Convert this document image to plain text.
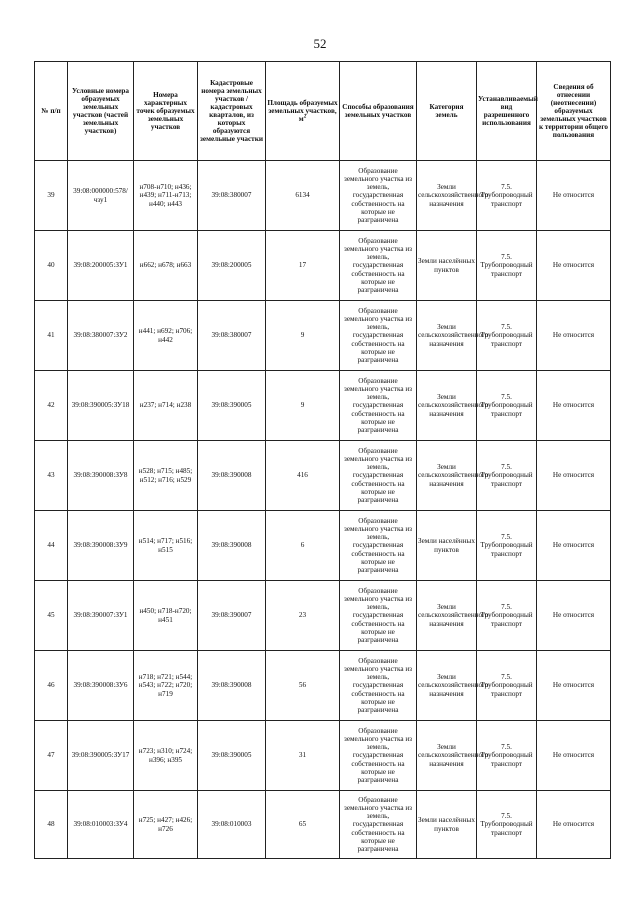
52
№ п/п	Условные номера образуемых земельных участков (частей земельных участков)	Номера характерных точек образуемых земельных участков	Кадастровые номера земельных участков / кадастровых кварталов, из которых образуются земельные участки	Площадь образуемых земельных участков, $м^2$	Способы образования земельных участков	Категория земель	Устанавливаемый вид разрешенного использования	Сведения об отнесении (неотнесении) образуемых земельных участков к территории общего пользования

39	39:08:000000:578/чзу1	н708-н710; н436; н439; н711-н713; н440; н443	39:08:380007	6134	Образование земельного участка из земель, государственная собственность на которые не разграничена	Земли сельскохозяйственного назначения	7.5. Трубопроводный транспорт	Не относится

40	39:08:200005:ЗУ1	н662; н678; н663	39:08:200005	17	Образование земельного участка из земель, государственная собственность на которые не разграничена	Земли населённых пунктов	7.5. Трубопроводный транспорт	Не относится

41	39:08:380007:ЗУ2	н441; н692; н706; н442	39:08:380007	9	Образование земельного участка из земель, государственная собственность на которые не разграничена	Земли сельскохозяйственного назначения	7.5. Трубопроводный транспорт	Не относится

42	39:08:390005:ЗУ18	н237; н714; н238	39:08:390005	9	Образование земельного участка из земель, государственная собственность на которые не разграничена	Земли сельскохозяйственного назначения	7.5. Трубопроводный транспорт	Не относится

43	39:08:390008:ЗУ8	н528; н715; н485; н512; н716; н529	39:08:390008	416	Образование земельного участка из земель, государственная собственность на которые не разграничена	Земли сельскохозяйственного назначения	7.5. Трубопроводный транспорт	Не относится

44	39:08:390008:ЗУ9	н514; н717; н516; н515	39:08:390008	6	Образование земельного участка из земель, государственная собственность на которые не разграничена	Земли населённых пунктов	7.5. Трубопроводный транспорт	Не относится

45	39:08:390007:ЗУ1	н450; н718-н720; н451	39:08:390007	23	Образование земельного участка из земель, государственная собственность на которые не разграничена	Земли сельскохозяйственного назначения	7.5. Трубопроводный транспорт	Не относится

46	39:08:390008:ЗУ6	н718; н721; н544; н543; н722; н720; н719	39:08:390008	56	Образование земельного участка из земель, государственная собственность на которые не разграничена	Земли сельскохозяйственного назначения	7.5. Трубопроводный транспорт	Не относится

47	39:08:390005:ЗУ17	н723; н310; н724; н396; н395	39:08:390005	31	Образование земельного участка из земель, государственная собственность на которые не разграничена	Земли сельскохозяйственного назначения	7.5. Трубопроводный транспорт	Не относится

48	39:08:010003:ЗУ4	н725; н427; н426; н726	39:08:010003	65	Образование земельного участка из земель, государственная собственность на которые не разграничена	Земли населённых пунктов	7.5. Трубопроводный транспорт	Не относится
